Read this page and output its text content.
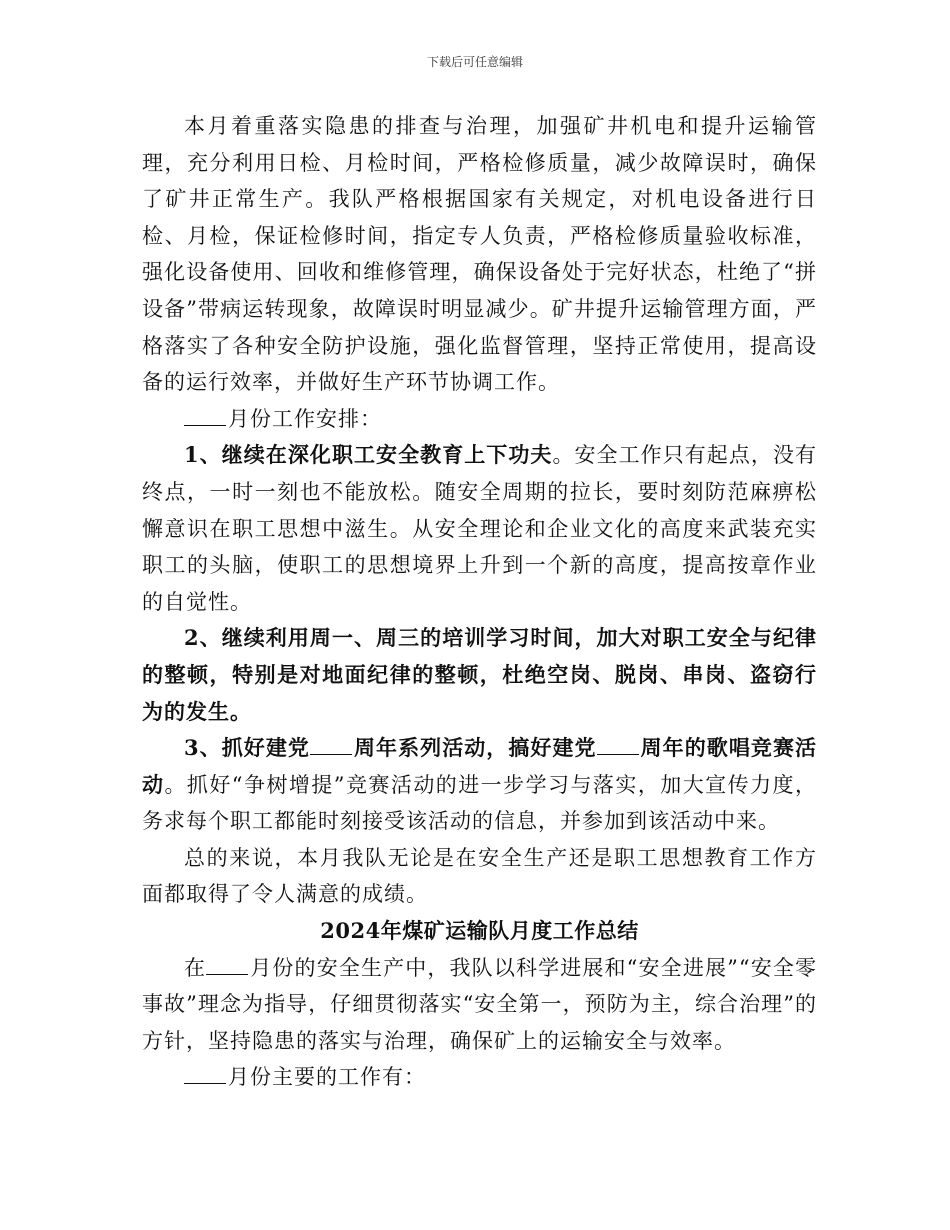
下载后可任意编辑

本月着重落实隐患的排查与治理，加强矿井机电和提升运输管理，充分利用日检、月检时间，严格检修质量，减少故障误时，确保了矿井正常生产。我队严格根据国家有关规定，对机电设备进行日检、月检，保证检修时间，指定专人负责，严格检修质量验收标准，强化设备使用、回收和维修管理，确保设备处于完好状态，杜绝了“拼设备”带病运转现象，故障误时明显减少。矿井提升运输管理方面，严格落实了各种安全防护设施，强化监督管理，坚持正常使用，提高设备的运行效率，并做好生产环节协调工作。

月份工作安排：

1、继续在深化职工安全教育上下功夫。安全工作只有起点，没有终点，一时一刻也不能放松。随安全周期的拉长，要时刻防范麻痹松懈意识在职工思想中滋生。从安全理论和企业文化的高度来武装充实职工的头脑，使职工的思想境界上升到一个新的高度，提高按章作业的自觉性。

2、继续利用周一、周三的培训学习时间，加大对职工安全与纪律的整顿，特别是对地面纪律的整顿，杜绝空岗、脱岗、串岗、盗窃行为的发生。

3、抓好建党 周年系列活动，搞好建党 周年的歌唱竞赛活动。抓好“争树增提”竞赛活动的进一步学习与落实，加大宣传力度，务求每个职工都能时刻接受该活动的信息，并参加到该活动中来。

总的来说，本月我队无论是在安全生产还是职工思想教育工作方面都取得了令人满意的成绩。

2024年煤矿运输队月度工作总结

在 月份的安全生产中，我队以科学进展和“安全进展”“安全零事故”理念为指导，仔细贯彻落实“安全第一，预防为主，综合治理”的方针，坚持隐患的落实与治理，确保矿上的运输安全与效率。

月份主要的工作有：
